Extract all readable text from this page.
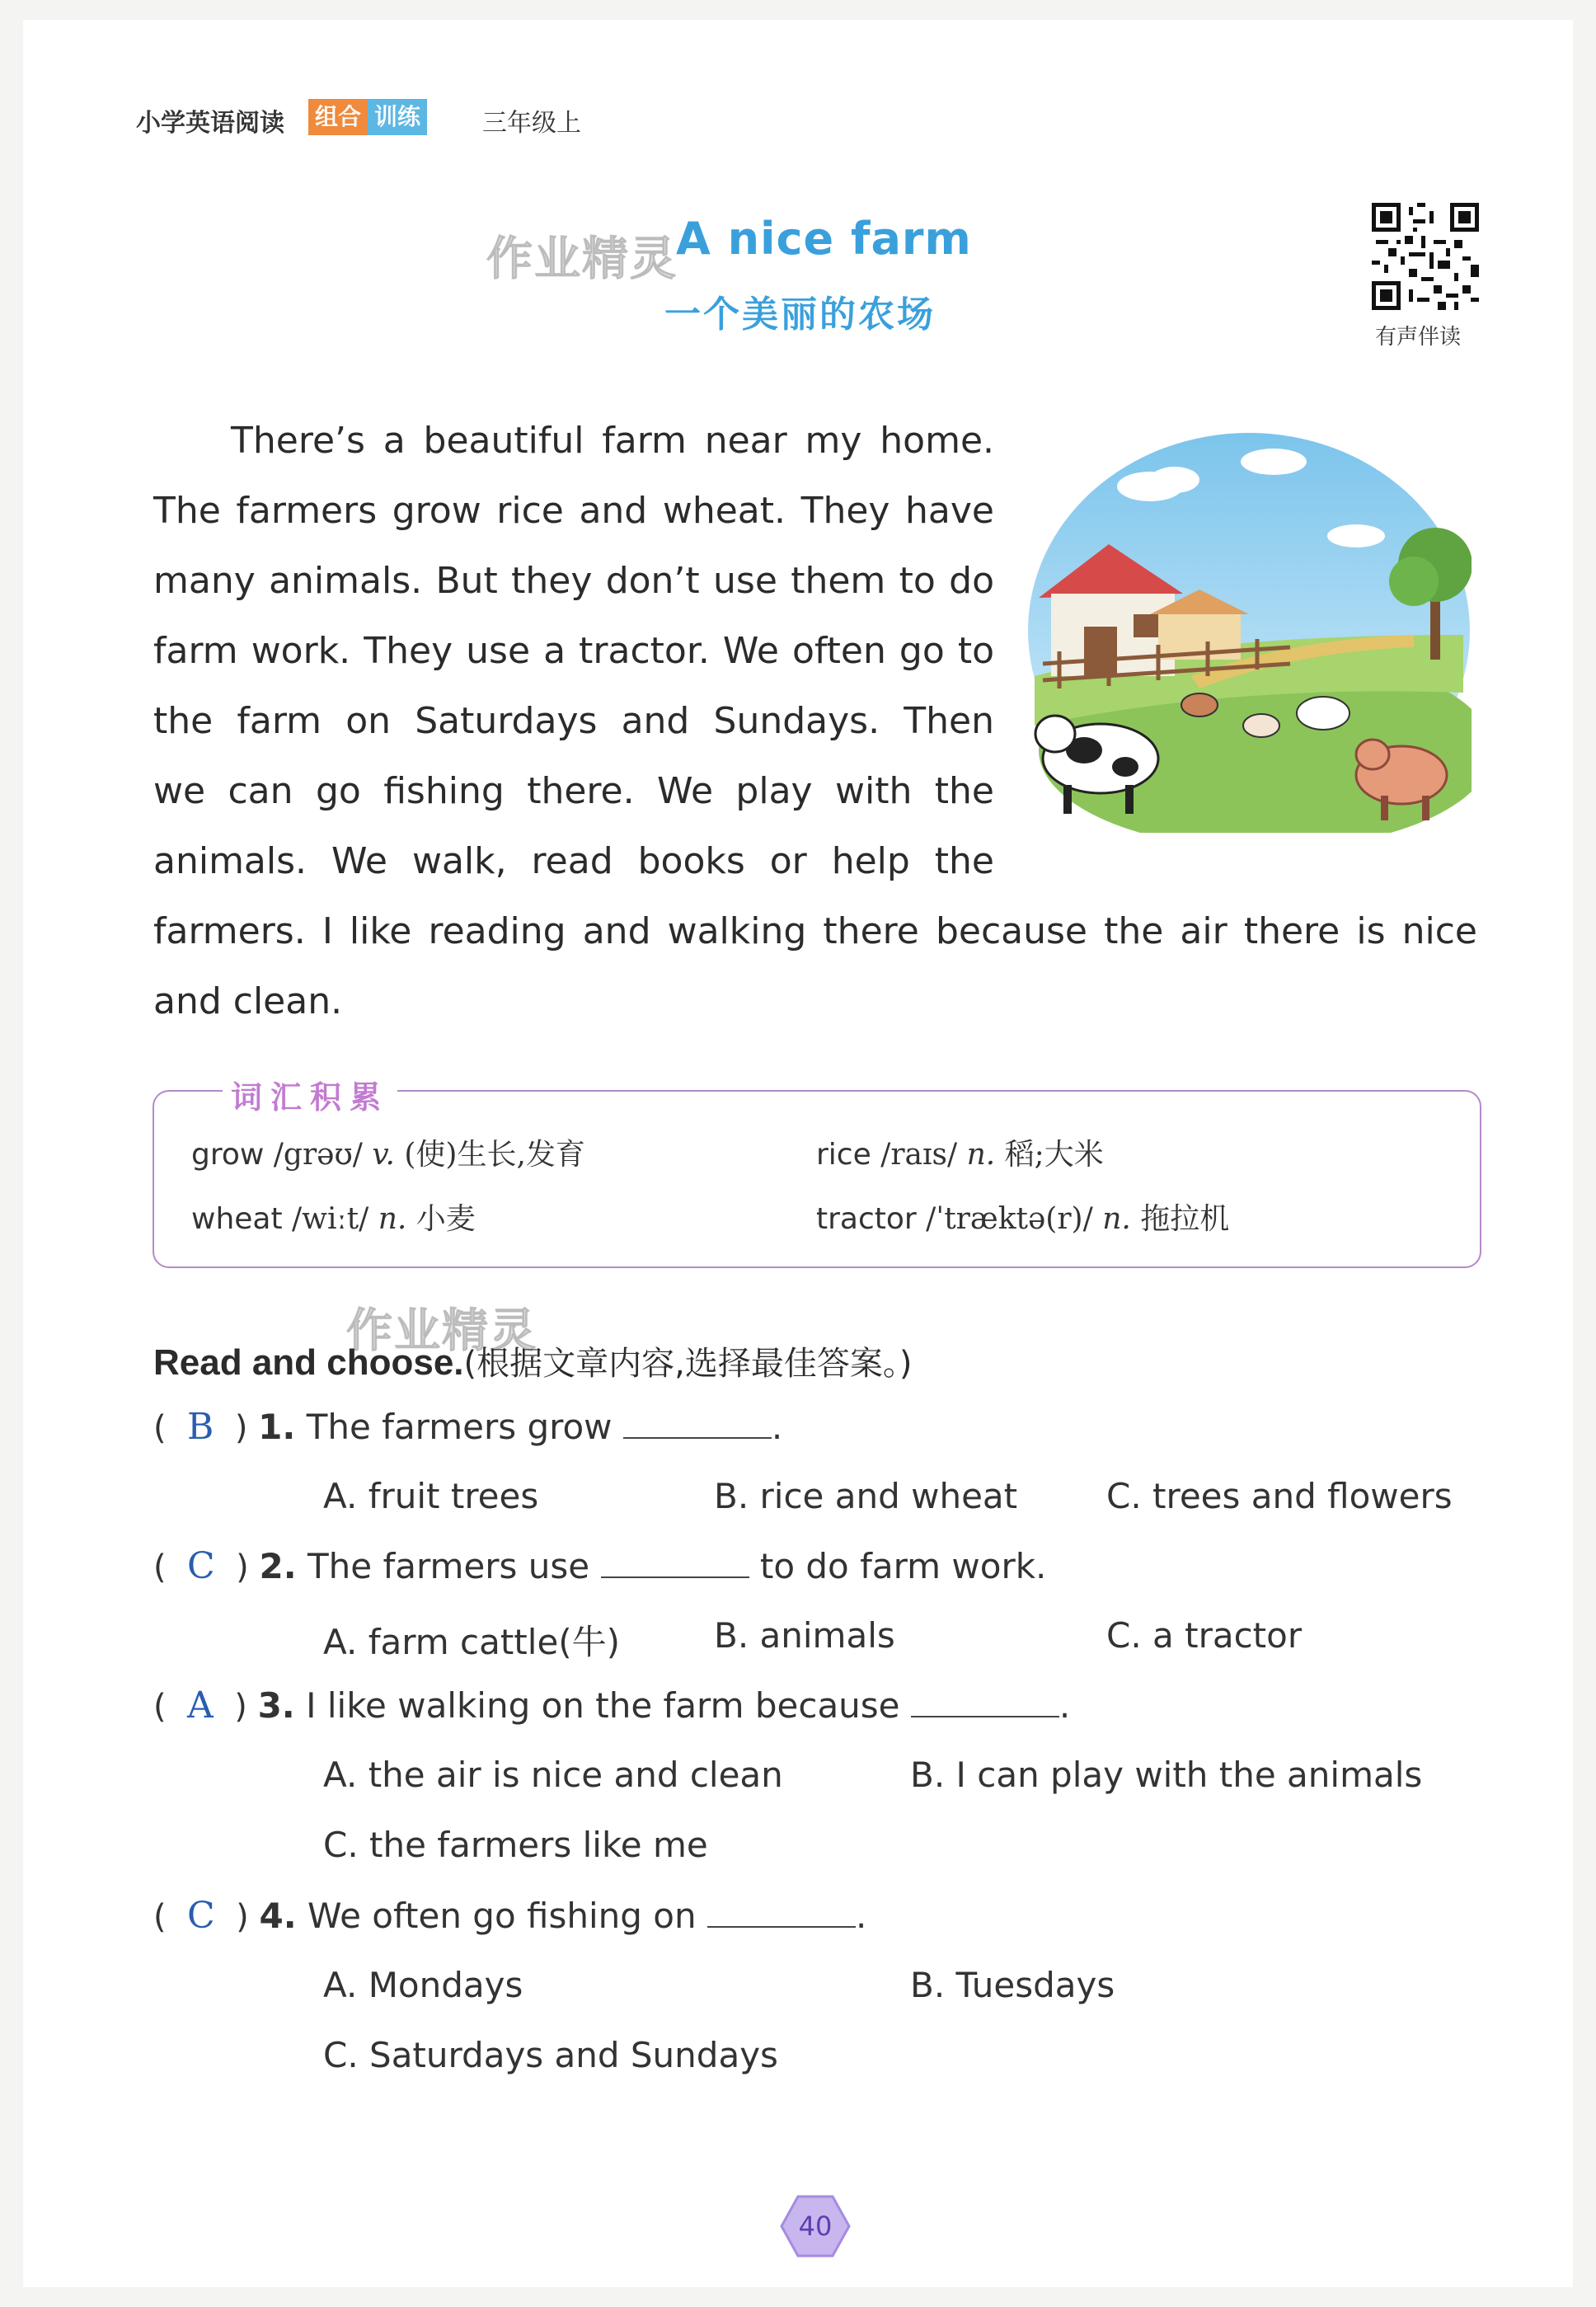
小学英语阅读 组合 训练 三年级上
作业精灵
A nice farm
一个美丽的农场
有声伴读
There’s a beautiful farm near my home.
The farmers grow rice and wheat. They have
many animals. But they don’t use them to do
farm work. They use a tractor. We often go to
the farm on Saturdays and Sundays. Then
we can go fishing there. We play with the
animals. We walk, read books or help the
farmers. I like reading and walking there because the air there is nice
and clean.
词汇积累
grow /grəʊ/ v. (使)生长,发育	rice /raɪs/ n. 稻;大米
wheat /wiːt/ n. 小麦	tractor /ˈtræktə(r)/ n. 拖拉机
作业精灵
Read and choose.(根据文章内容,选择最佳答案。)
(  B  ) 1. The farmers grow	.
A. fruit trees	B. rice and wheat	C. trees and flowers
(  C  ) 2. The farmers use	to do farm work.
A. farm cattle(牛)	B. animals	C. a tractor
(  A  ) 3. I like walking on the farm because	.
A. the air is nice and clean	B. I can play with the animals
C. the farmers like me
(  C  ) 4. We often go fishing on	.
A. Mondays	B. Tuesdays
C. Saturdays and Sundays
40
